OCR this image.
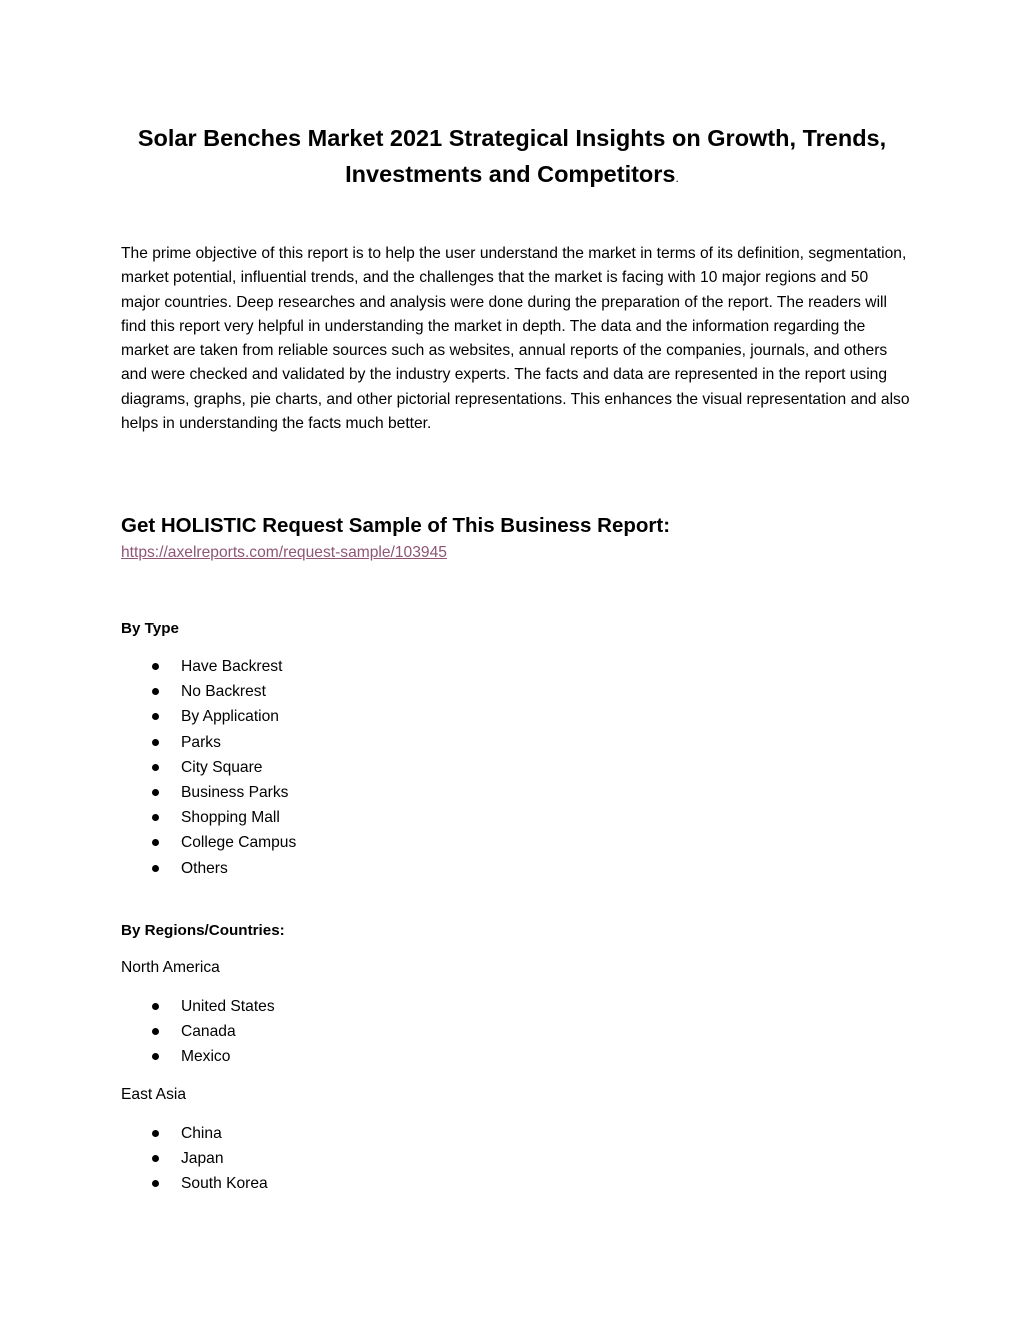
Solar Benches Market 2021 Strategical Insights on Growth, Trends, Investments and Competitors.

The prime objective of this report is to help the user understand the market in terms of its definition, segmentation, market potential, influential trends, and the challenges that the market is facing with 10 major regions and 50 major countries. Deep researches and analysis were done during the preparation of the report. The readers will find this report very helpful in understanding the market in depth. The data and the information regarding the market are taken from reliable sources such as websites, annual reports of the companies, journals, and others and were checked and validated by the industry experts. The facts and data are represented in the report using diagrams, graphs, pie charts, and other pictorial representations. This enhances the visual representation and also helps in understanding the facts much better.

Get HOLISTIC Request Sample of This Business Report:
https://axelreports.com/request-sample/103945

By Type

Have Backrest
No Backrest
By Application
Parks
City Square
Business Parks
Shopping Mall
College Campus
Others

By Regions/Countries:

North America

United States
Canada
Mexico

East Asia

China
Japan
South Korea
